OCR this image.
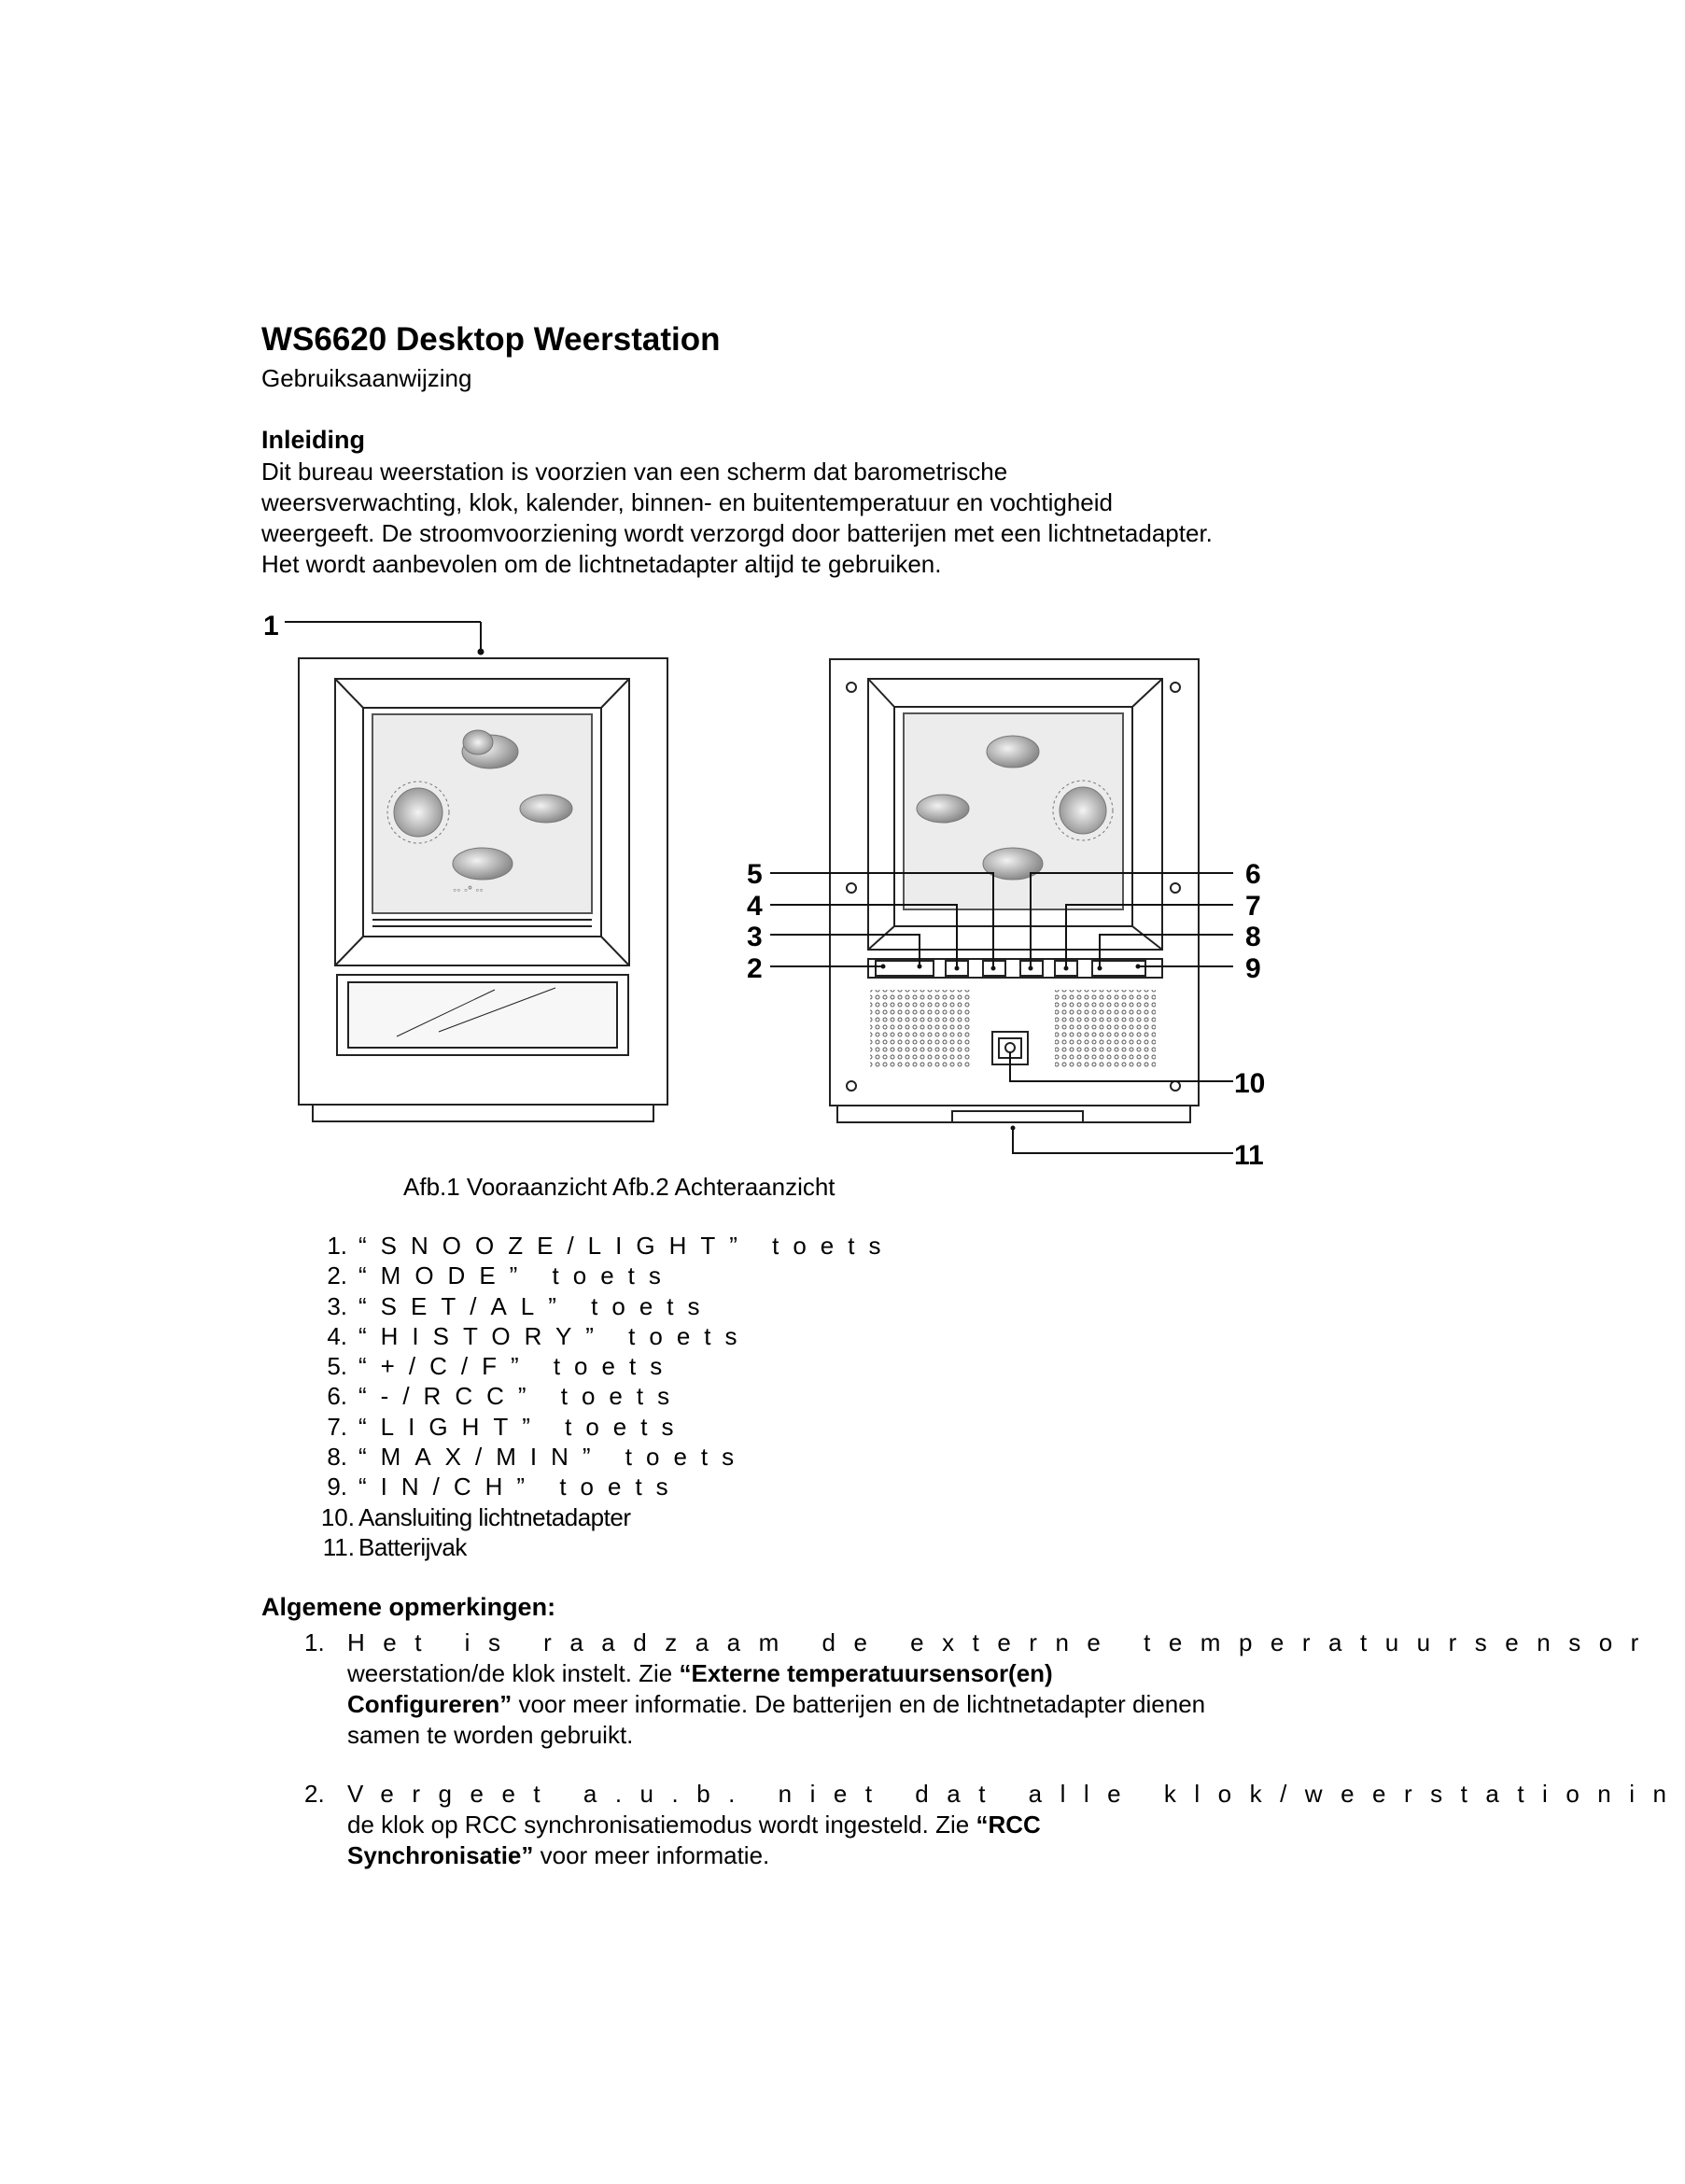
WS6620 Desktop Weerstation
Gebruiksaanwijzing
Inleiding
Dit bureau weerstation is voorzien van een scherm dat barometrische
weersverwachting, klok, kalender, binnen- en buitentemperatuur en vochtigheid
weergeeft. De stroomvoorziening wordt verzorgd door batterijen met een lichtnetadapter.
Het wordt aanbevolen om de lichtnetadapter altijd te gebruiken.
◦◦ ◦° ◦◦
1
5
4
3
2
6
7
8
9
10
11
Afb.1 Vooraanzicht Afb.2 Achteraanzicht
1. “SNOOZE/LIGHT” toets
2. “MODE” toets
3. “SET/AL” toets
4. “HISTORY” toets
5. “+/C/F” toets
6. “-/RCC” toets
7. “LIGHT” toets
8. “MAX/MIN” toets
9. “IN/CH” toets
10. Aansluiting lichtnetadapter
11. Batterijvak
Algemene opmerkingen:
1. Het is raadzaam de externe temperatuursensor
weerstation/de klok instelt. Zie “Externe temperatuursensor(en)
Configureren” voor meer informatie. De batterijen en de lichtnetadapter dienen
samen te worden gebruikt.
2. Vergeet a.u.b. niet dat alle klok/weerstationin
de klok op RCC synchronisatiemodus wordt ingesteld. Zie “RCC
Synchronisatie” voor meer informatie.
